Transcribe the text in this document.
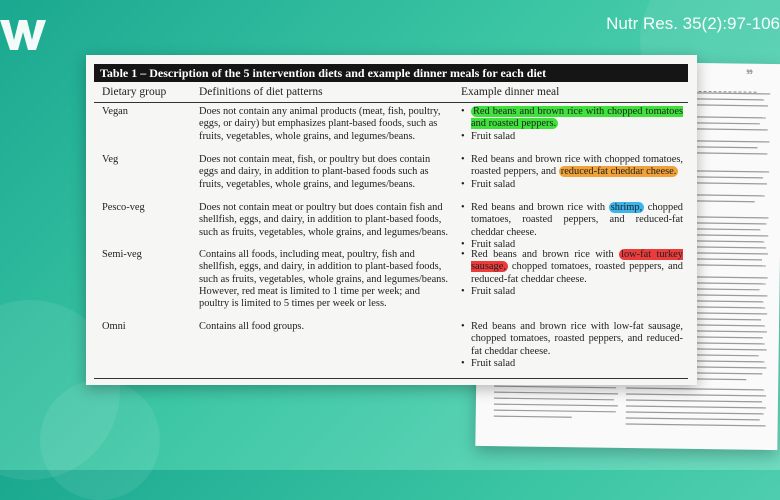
Nutr Res. 35(2):97-106
99
Table 1 – Description of the 5 intervention diets and example dinner meals for each diet
Dietary group	Definitions of diet patterns	Example dinner meal
Vegan	Does not contain any animal products (meat, fish, poultry, eggs, or dairy) but emphasizes plant-based foods, such as fruits, vegetables, whole grains, and legumes/beans.
• Red beans and brown rice with chopped tomatoes and roasted peppers.
• Fruit salad
Veg	Does not contain meat, fish, or poultry but does contain eggs and dairy, in addition to plant-based foods such as fruits, vegetables, whole grains, and legumes/beans.
• Red beans and brown rice with chopped tomatoes, roasted peppers, and reduced-fat cheddar cheese.
• Fruit salad
Pesco-veg	Does not contain meat or poultry but does contain fish and shellfish, eggs, and dairy, in addition to plant-based foods, such as fruits, vegetables, whole grains, and legumes/beans.
• Red beans and brown rice with shrimp, chopped tomatoes, roasted peppers, and reduced-fat cheddar cheese.
• Fruit salad
Semi-veg	Contains all foods, including meat, poultry, fish and shellfish, eggs, and dairy, in addition to plant-based foods, such as fruits, vegetables, whole grains, and legumes/beans. However, red meat is limited to 1 time per week; and poultry is limited to 5 times per week or less.
• Red beans and brown rice with low-fat turkey sausage, chopped tomatoes, roasted peppers, and reduced-fat cheddar cheese.
• Fruit salad
Omni	Contains all food groups.
•	Red beans and brown rice with low-fat sausage, chopped tomatoes, roasted peppers, and reduced-fat cheddar cheese.
• Fruit salad
